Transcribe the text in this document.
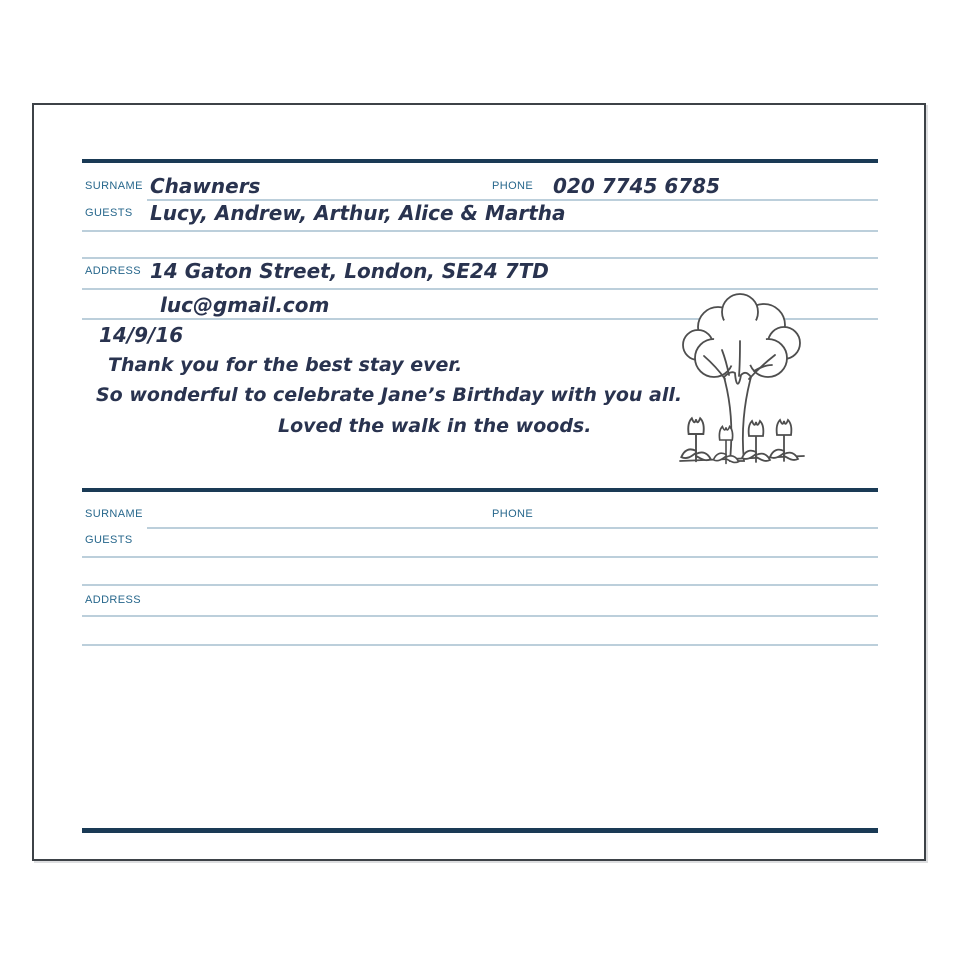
SURNAME Chawners	PHONE 020 7745 6785
GUESTS Lucy, Andrew, Arthur, Alice & Martha
ADDRESS 14 Gaton Street, London, SE24 7TD
luc@gmail.com
14/9/16
Thank you for the best stay ever.
So wonderful to celebrate Jane’s Birthday with you all.
Loved the walk in the woods.
SURNAME	PHONE
GUESTS
ADDRESS
